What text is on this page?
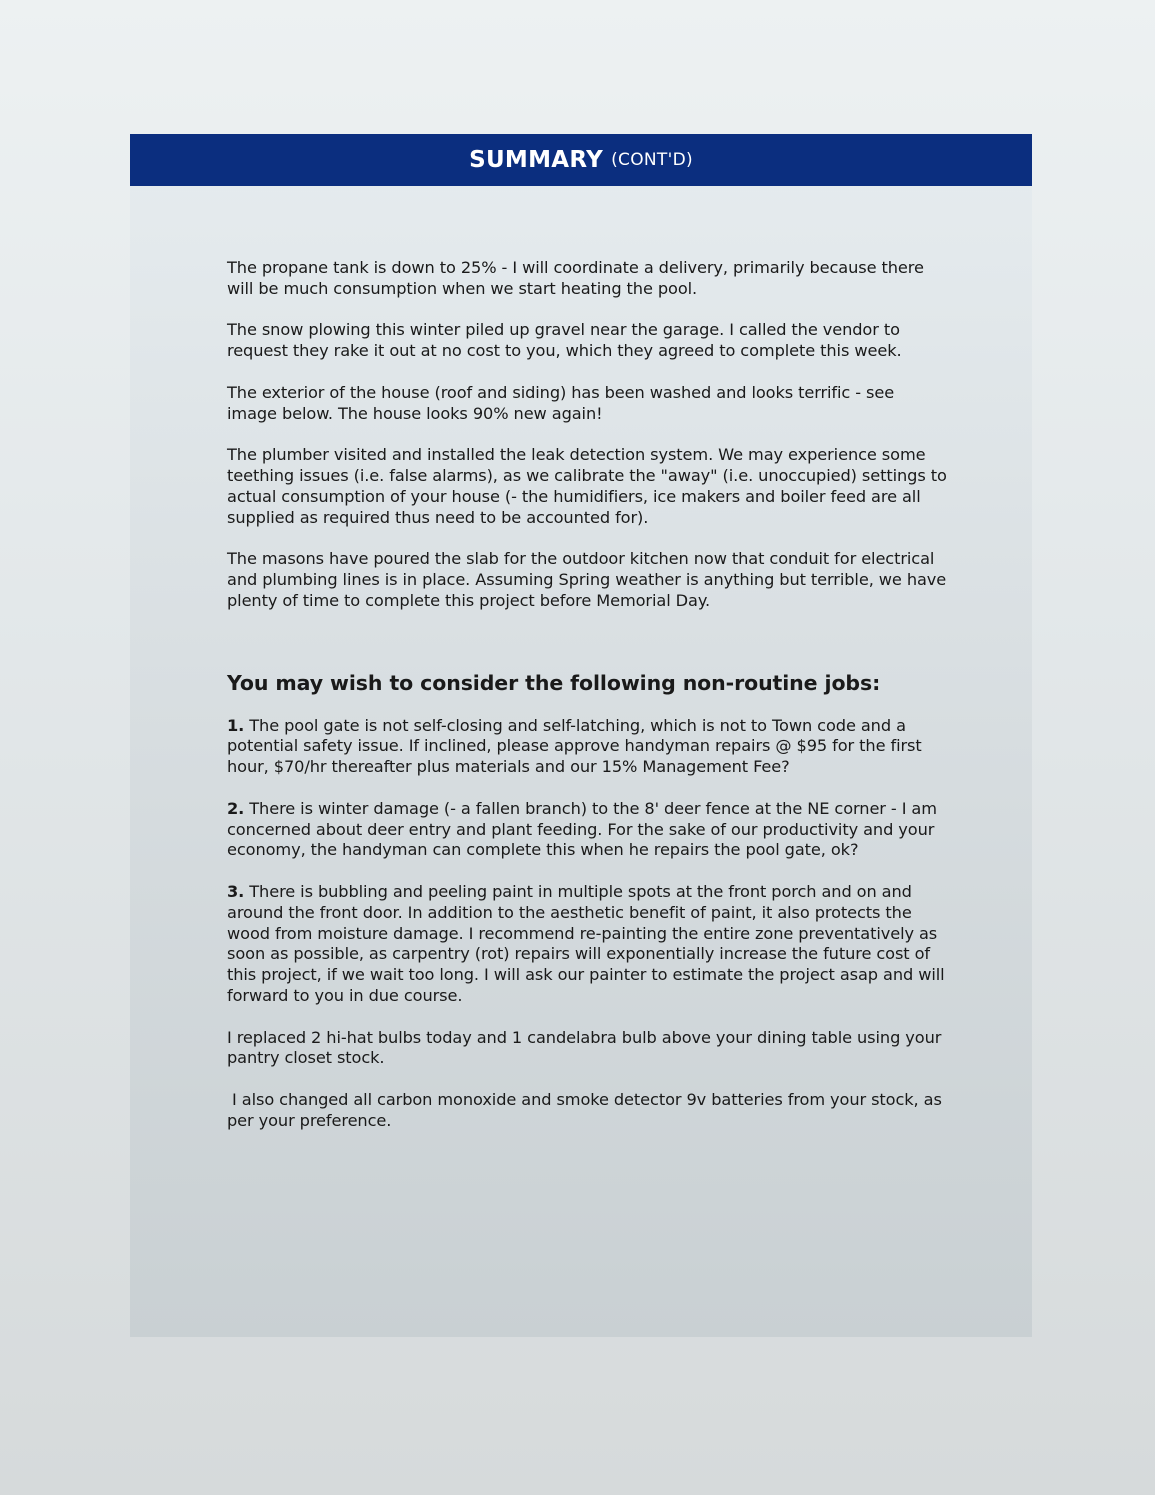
SUMMARY (CONT'D)

The propane tank is down to 25% - I will coordinate a delivery, primarily because there will be much consumption when we start heating the pool.

The snow plowing this winter piled up gravel near the garage. I called the vendor to request they rake it out at no cost to you, which they agreed to complete this week.

The exterior of the house (roof and siding) has been washed and looks terrific - see image below. The house looks 90% new again!

The plumber visited and installed the leak detection system. We may experience some teething issues (i.e. false alarms), as we calibrate the "away" (i.e. unoccupied) settings to actual consumption of your house (- the humidifiers, ice makers and boiler feed are all supplied as required thus need to be accounted for).

The masons have poured the slab for the outdoor kitchen now that conduit for electrical and plumbing lines is in place. Assuming Spring weather is anything but terrible, we have plenty of time to complete this project before Memorial Day.

You may wish to consider the following non-routine jobs:

1. The pool gate is not self-closing and self-latching, which is not to Town code and a potential safety issue. If inclined, please approve handyman repairs @ $95 for the first hour, $70/hr thereafter plus materials and our 15% Management Fee?

2. There is winter damage (- a fallen branch) to the 8' deer fence at the NE corner - I am concerned about deer entry and plant feeding. For the sake of our productivity and your economy, the handyman can complete this when he repairs the pool gate, ok?

3. There is bubbling and peeling paint in multiple spots at the front porch and on and around the front door. In addition to the aesthetic benefit of paint, it also protects the wood from moisture damage. I recommend re-painting the entire zone preventatively as soon as possible, as carpentry (rot) repairs will exponentially increase the future cost of this project, if we wait too long. I will ask our painter to estimate the project asap and will forward to you in due course.

I replaced 2 hi-hat bulbs today and 1 candelabra bulb above your dining table using your pantry closet stock.

I also changed all carbon monoxide and smoke detector 9v batteries from your stock, as per your preference.
